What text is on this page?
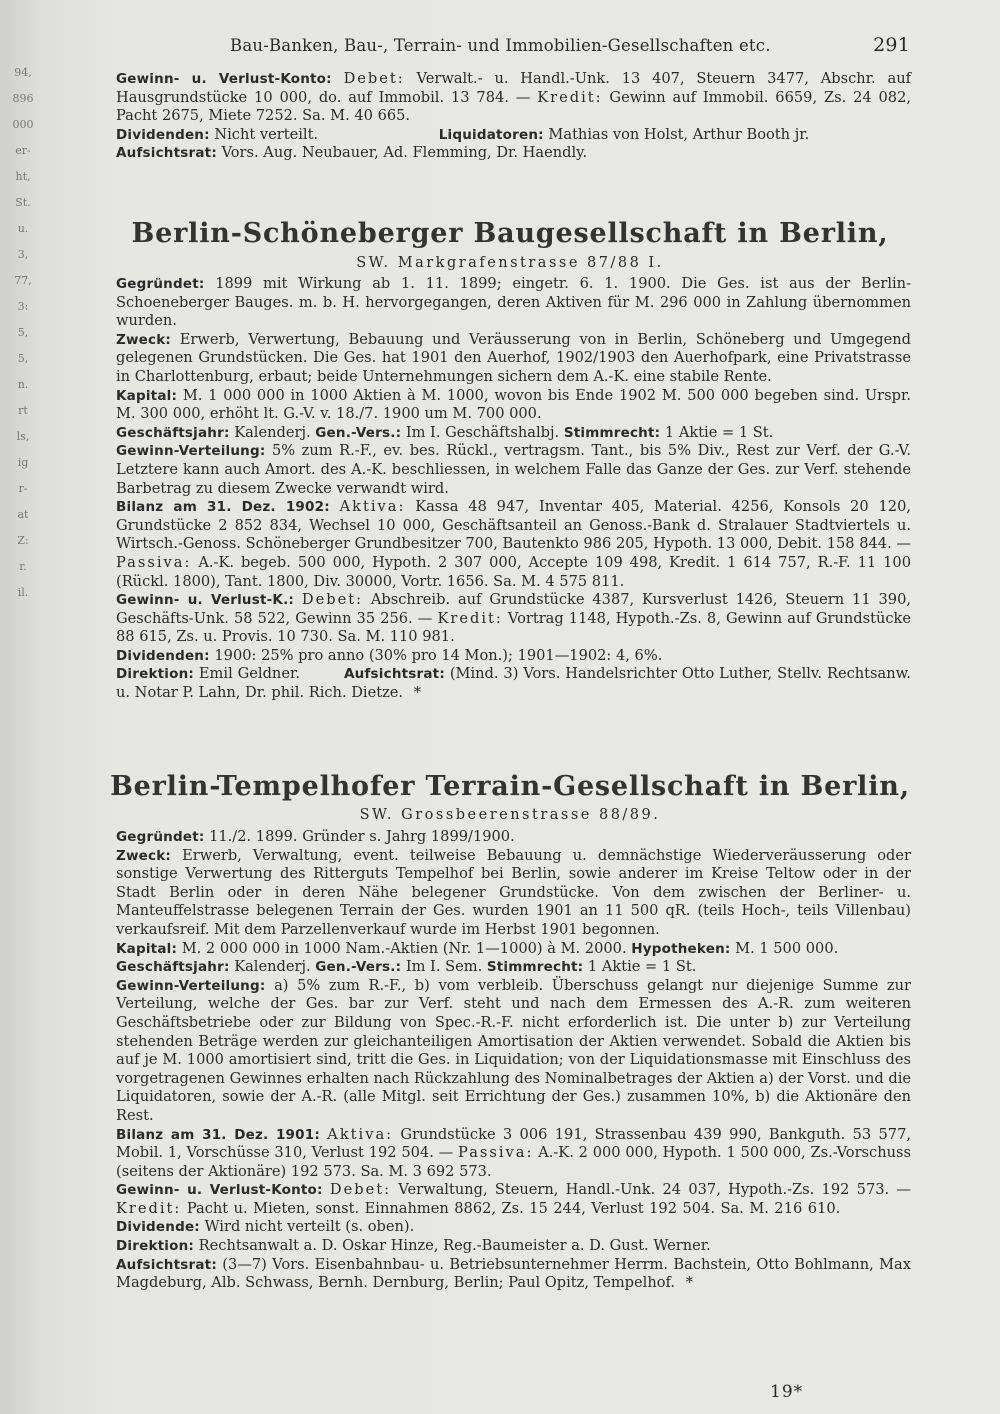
94,
896
000
er-
ht,
St.
u.
3,
77,
3:
5,
5,
n.
rt
ls,
ig
r-
at
Z:
r.
il.
Bau-Banken, Bau-, Terrain- und Immobilien-Gesellschaften etc.	291

Gewinn- u. Verlust-Konto: Debet: Verwalt.- u. Handl.-Unk. 13 407, Steuern 3477, Abschr. auf Hausgrundstücke 10 000, do. auf Immobil. 13 784. — Kredit: Gewinn auf Immobil. 6659, Zs. 24 082, Pacht 2675, Miete 7252. Sa. M. 40 665.

Dividenden: Nicht verteilt.	Liquidatoren: Mathias von Holst, Arthur Booth jr.

Aufsichtsrat: Vors. Aug. Neubauer, Ad. Flemming, Dr. Haendly.

Berlin-Schöneberger Baugesellschaft in Berlin,
SW. Markgrafenstrasse 87/88 I.

Gegründet: 1899 mit Wirkung ab 1. 11. 1899; eingetr. 6. 1. 1900. Die Ges. ist aus der Berlin-Schoeneberger Bauges. m. b. H. hervorgegangen, deren Aktiven für M. 296 000 in Zahlung übernommen wurden.

Zweck: Erwerb, Verwertung, Bebauung und Veräusserung von in Berlin, Schöneberg und Umgegend gelegenen Grundstücken. Die Ges. hat 1901 den Auerhof, 1902/1903 den Auerhofpark, eine Privatstrasse in Charlottenburg, erbaut; beide Unternehmungen sichern dem A.-K. eine stabile Rente.

Kapital: M. 1 000 000 in 1000 Aktien à M. 1000, wovon bis Ende 1902 M. 500 000 begeben sind. Urspr. M. 300 000, erhöht lt. G.-V. v. 18./7. 1900 um M. 700 000.

Geschäftsjahr: Kalenderj. Gen.-Vers.: Im I. Geschäftshalbj. Stimmrecht: 1 Aktie = 1 St.

Gewinn-Verteilung: 5% zum R.-F., ev. bes. Rückl., vertragsm. Tant., bis 5% Div., Rest zur Verf. der G.-V. Letztere kann auch Amort. des A.-K. beschliessen, in welchem Falle das Ganze der Ges. zur Verf. stehende Barbetrag zu diesem Zwecke verwandt wird.

Bilanz am 31. Dez. 1902: Aktiva: Kassa 48 947, Inventar 405, Material. 4256, Konsols 20 120, Grundstücke 2 852 834, Wechsel 10 000, Geschäftsanteil an Genoss.-Bank d. Stralauer Stadtviertels u. Wirtsch.-Genoss. Schöneberger Grundbesitzer 700, Bautenkto 986 205, Hypoth. 13 000, Debit. 158 844. — Passiva: A.-K. begeb. 500 000, Hypoth. 2 307 000, Accepte 109 498, Kredit. 1 614 757, R.-F. 11 100 (Rückl. 1800), Tant. 1800, Div. 30000, Vortr. 1656. Sa. M. 4 575 811.

Gewinn- u. Verlust-K.: Debet: Abschreib. auf Grundstücke 4387, Kursverlust 1426, Steuern 11 390, Geschäfts-Unk. 58 522, Gewinn 35 256. — Kredit: Vortrag 1148, Hypoth.-Zs. 8, Gewinn auf Grundstücke 88 615, Zs. u. Provis. 10 730. Sa. M. 110 981.

Dividenden: 1900: 25% pro anno (30% pro 14 Mon.); 1901—1902: 4, 6%.

Direktion: Emil Geldner.	Aufsichtsrat: (Mind. 3) Vors. Handelsrichter Otto Luther, Stellv. Rechtsanw. u. Notar P. Lahn, Dr. phil. Rich. Dietze. *

Berlin-Tempelhofer Terrain-Gesellschaft in Berlin,
SW. Grossbeerenstrasse 88/89.

Gegründet: 11./2. 1899. Gründer s. Jahrg 1899/1900.

Zweck: Erwerb, Verwaltung, event. teilweise Bebauung u. demnächstige Wiederveräusserung oder sonstige Verwertung des Ritterguts Tempelhof bei Berlin, sowie anderer im Kreise Teltow oder in der Stadt Berlin oder in deren Nähe belegener Grundstücke. Von dem zwischen der Berliner- u. Manteuffelstrasse belegenen Terrain der Ges. wurden 1901 an 11 500 qR. (teils Hoch-, teils Villenbau) verkaufsreif. Mit dem Parzellenverkauf wurde im Herbst 1901 begonnen.

Kapital: M. 2 000 000 in 1000 Nam.-Aktien (Nr. 1—1000) à M. 2000. Hypotheken: M. 1 500 000.

Geschäftsjahr: Kalenderj. Gen.-Vers.: Im I. Sem. Stimmrecht: 1 Aktie = 1 St.

Gewinn-Verteilung: a) 5% zum R.-F., b) vom verbleib. Überschuss gelangt nur diejenige Summe zur Verteilung, welche der Ges. bar zur Verf. steht und nach dem Ermessen des A.-R. zum weiteren Geschäftsbetriebe oder zur Bildung von Spec.-R.-F. nicht erforderlich ist. Die unter b) zur Verteilung stehenden Beträge werden zur gleichanteiligen Amortisation der Aktien verwendet. Sobald die Aktien bis auf je M. 1000 amortisiert sind, tritt die Ges. in Liquidation; von der Liquidationsmasse mit Einschluss des vorgetragenen Gewinnes erhalten nach Rückzahlung des Nominalbetrages der Aktien a) der Vorst. und die Liquidatoren, sowie der A.-R. (alle Mitgl. seit Errichtung der Ges.) zusammen 10%, b) die Aktionäre den Rest.

Bilanz am 31. Dez. 1901: Aktiva: Grundstücke 3 006 191, Strassenbau 439 990, Bankguth. 53 577, Mobil. 1, Vorschüsse 310, Verlust 192 504. — Passiva: A.-K. 2 000 000, Hypoth. 1 500 000, Zs.-Vorschuss (seitens der Aktionäre) 192 573. Sa. M. 3 692 573.

Gewinn- u. Verlust-Konto: Debet: Verwaltung, Steuern, Handl.-Unk. 24 037, Hypoth.-Zs. 192 573. — Kredit: Pacht u. Mieten, sonst. Einnahmen 8862, Zs. 15 244, Verlust 192 504. Sa. M. 216 610.              Dividende: Wird nicht verteilt (s. oben).

Direktion: Rechtsanwalt a. D. Oskar Hinze, Reg.-Baumeister a. D. Gust. Werner.

Aufsichtsrat: (3—7) Vors. Eisenbahnbau- u. Betriebsunternehmer Herrm. Bachstein, Otto Bohlmann, Max Magdeburg, Alb. Schwass, Bernh. Dernburg, Berlin; Paul Opitz, Tempelhof. *

19*
